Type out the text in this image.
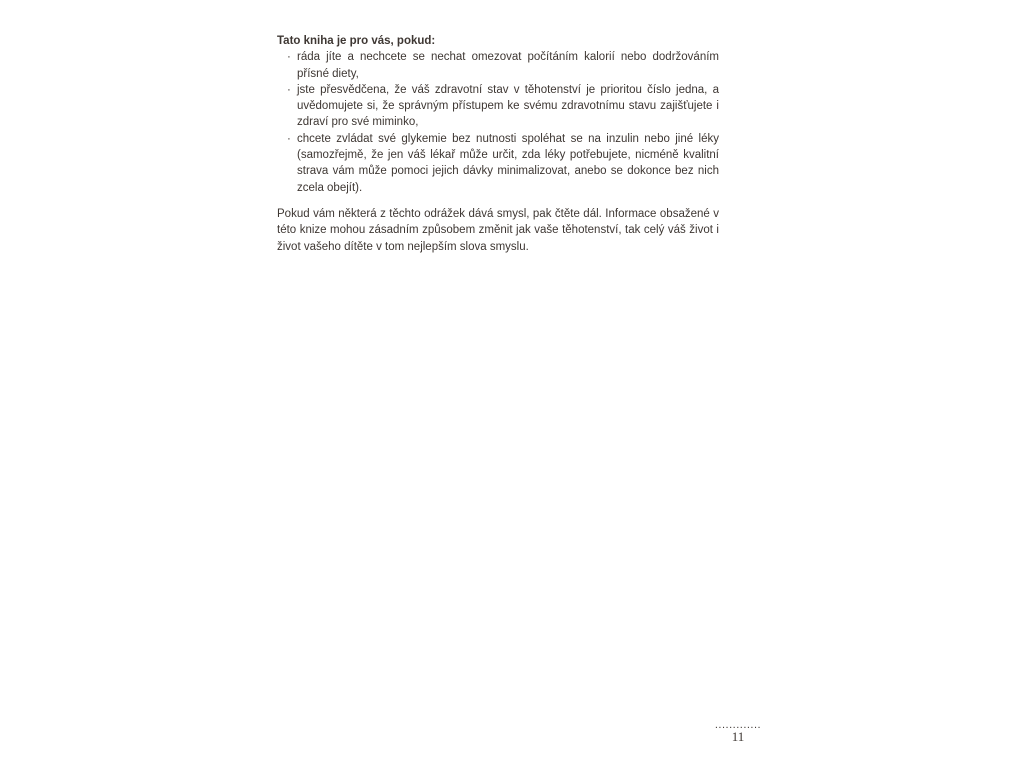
Tato kniha je pro vás, pokud:

· ráda jíte a nechcete se nechat omezovat počítáním kalorií nebo dodržováním přísné diety,
· jste přesvědčena, že váš zdravotní stav v těhotenství je prioritou číslo jedna, a uvědomujete si, že správným přístupem ke svému zdravotnímu stavu zajišťujete i zdraví pro své miminko,
· chcete zvládat své glykemie bez nutnosti spoléhat se na inzulin nebo jiné léky (samozřejmě, že jen váš lékař může určit, zda léky potřebujete, nicméně kvalitní strava vám může pomoci jejich dávky minimalizovat, anebo se dokonce bez nich zcela obejít).

Pokud vám některá z těchto odrážek dává smysl, pak čtěte dál. Informace obsažené v této knize mohou zásadním způsobem změnit jak vaše těhotenství, tak celý váš život i život vašeho dítěte v tom nejlepším slova smyslu.

.............
11
